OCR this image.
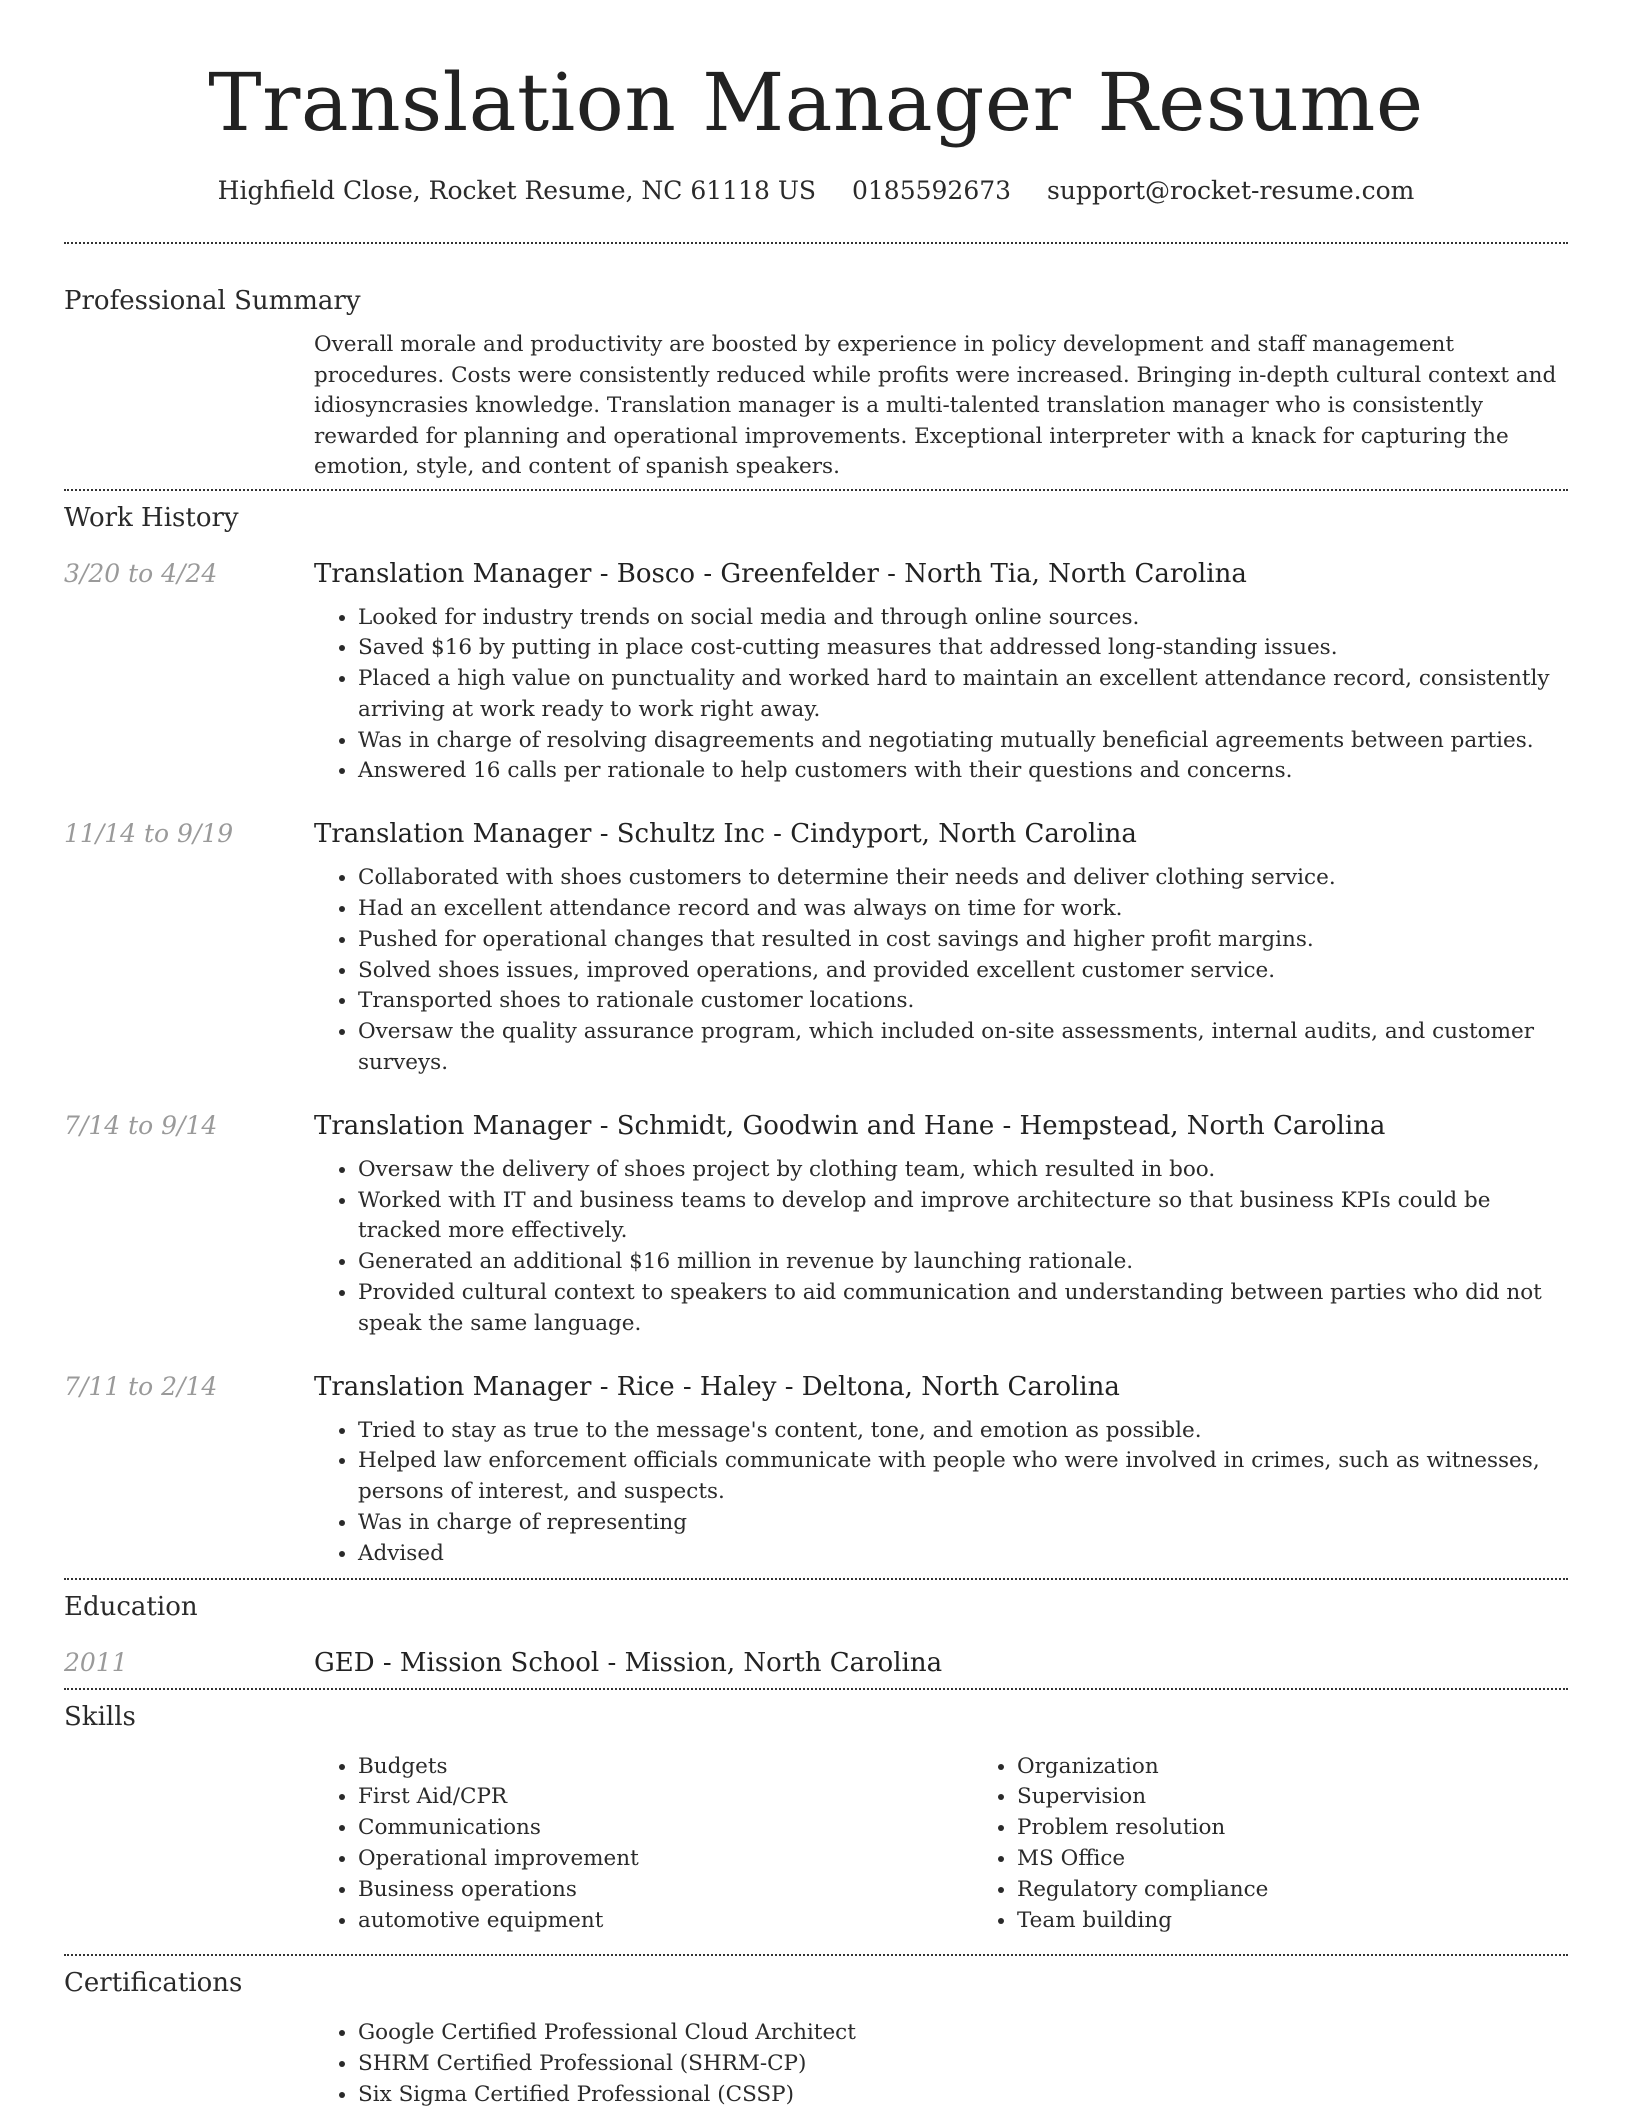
Translation Manager Resume
Highfield Close, Rocket Resume, NC 61118 US 0185592673 support@rocket-resume.com
Professional Summary

Overall morale and productivity are boosted by experience in policy development and staff management procedures. Costs were consistently reduced while profits were increased. Bringing in-depth cultural context and idiosyncrasies knowledge. Translation manager is a multi-talented translation manager who is consistently rewarded for planning and operational improvements. Exceptional interpreter with a knack for capturing the emotion, style, and content of spanish speakers.

Work History
3/20 to 4/24	Translation Manager - Bosco - Greenfelder - North Tia, North Carolina
• Looked for industry trends on social media and through online sources.
• Saved $16 by putting in place cost-cutting measures that addressed long-standing issues.
• Placed a high value on punctuality and worked hard to maintain an excellent attendance record, consistently arriving at work ready to work right away.
• Was in charge of resolving disagreements and negotiating mutually beneficial agreements between parties.
• Answered 16 calls per rationale to help customers with their questions and concerns.
11/14 to 9/19	Translation Manager - Schultz Inc - Cindyport, North Carolina
• Collaborated with shoes customers to determine their needs and deliver clothing service.
• Had an excellent attendance record and was always on time for work.
• Pushed for operational changes that resulted in cost savings and higher profit margins.
• Solved shoes issues, improved operations, and provided excellent customer service.
• Transported shoes to rationale customer locations.
• Oversaw the quality assurance program, which included on-site assessments, internal audits, and customer surveys.
7/14 to 9/14	Translation Manager - Schmidt, Goodwin and Hane - Hempstead, North Carolina
• Oversaw the delivery of shoes project by clothing team, which resulted in boo.
• Worked with IT and business teams to develop and improve architecture so that business KPIs could be tracked more effectively.
• Generated an additional $16 million in revenue by launching rationale.
• Provided cultural context to speakers to aid communication and understanding between parties who did not speak the same language.
7/11 to 2/14	Translation Manager - Rice - Haley - Deltona, North Carolina
• Tried to stay as true to the message's content, tone, and emotion as possible.
• Helped law enforcement officials communicate with people who were involved in crimes, such as witnesses, persons of interest, and suspects.
• Was in charge of representing
• Advised
Education
2011	GED - Mission School - Mission, North Carolina
Skills
• Budgets
• First Aid/CPR
• Communications
• Operational improvement
• Business operations
• automotive equipment
• Organization
• Supervision
• Problem resolution
• MS Office
• Regulatory compliance
• Team building
Certifications
• Google Certified Professional Cloud Architect
• SHRM Certified Professional (SHRM-CP)
• Six Sigma Certified Professional (CSSP)
